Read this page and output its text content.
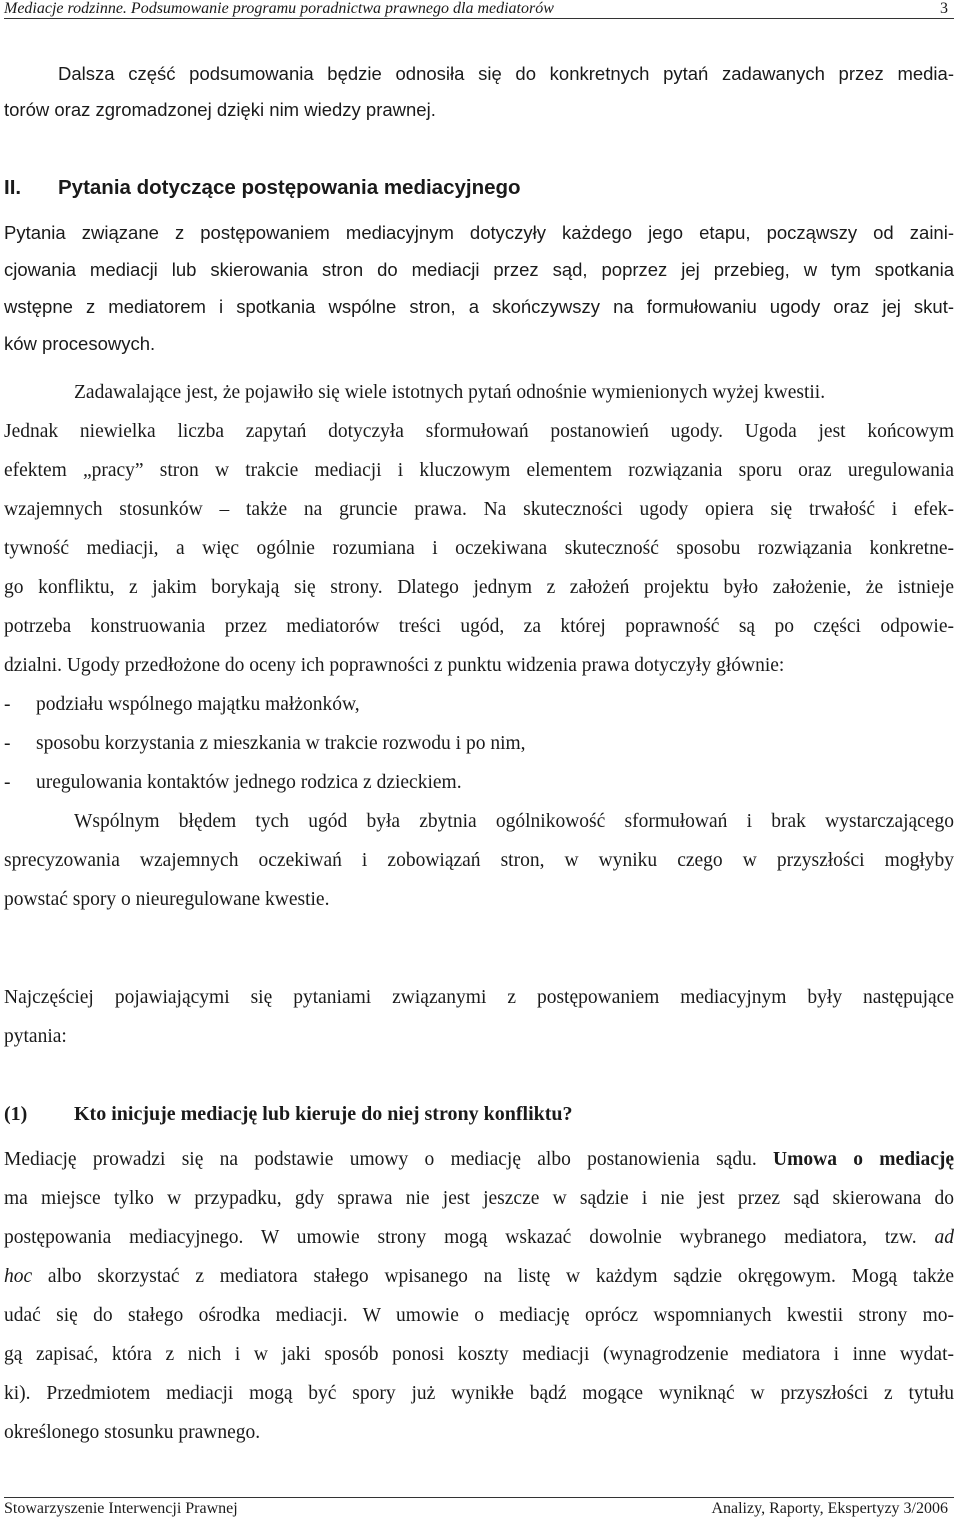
Mediacje rodzinne. Podsumowanie programu poradnictwa prawnego dla mediatorów	3
Dalsza część podsumowania będzie odnosiła się do konkretnych pytań zadawanych przez media-
torów oraz zgromadzonej dzięki nim wiedzy prawnej.
II. Pytania dotyczące postępowania mediacyjnego
Pytania związane z postępowaniem mediacyjnym dotyczyły każdego jego etapu, począwszy od zaini-
cjowania mediacji lub skierowania stron do mediacji przez sąd, poprzez jej przebieg, w tym spotkania
wstępne z mediatorem i spotkania wspólne stron, a skończywszy na formułowaniu ugody oraz jej skut-
ków procesowych.
Zadawalające jest, że pojawiło się wiele istotnych pytań odnośnie wymienionych wyżej kwestii.
Jednak niewielka liczba zapytań dotyczyła sformułowań postanowień ugody. Ugoda jest końcowym
efektem „pracy” stron w trakcie mediacji i kluczowym elementem rozwiązania sporu oraz uregulowania
wzajemnych stosunków – także na gruncie prawa. Na skuteczności ugody opiera się trwałość i efek-
tywność mediacji, a więc ogólnie rozumiana i oczekiwana skuteczność sposobu rozwiązania konkretne-
go konfliktu, z jakim borykają się strony. Dlatego jednym z założeń projektu było założenie, że istnieje
potrzeba konstruowania przez mediatorów treści ugód, za której poprawność są po części odpowie-
dzialni. Ugody przedłożone do oceny ich poprawności z punktu widzenia prawa dotyczyły głównie:
- podziału wspólnego majątku małżonków,
- sposobu korzystania z mieszkania w trakcie rozwodu i po nim,
- uregulowania kontaktów jednego rodzica z dzieckiem.
Wspólnym błędem tych ugód była zbytnia ogólnikowość sformułowań i brak wystarczającego
sprecyzowania wzajemnych oczekiwań i zobowiązań stron, w wyniku czego w przyszłości mogłyby
powstać spory o nieuregulowane kwestie.
Najczęściej pojawiającymi się pytaniami związanymi z postępowaniem mediacyjnym były następujące
pytania:
(1) Kto inicjuje mediację lub kieruje do niej strony konfliktu?
Mediację prowadzi się na podstawie umowy o mediację albo postanowienia sądu. Umowa o mediację
ma miejsce tylko w przypadku, gdy sprawa nie jest jeszcze w sądzie i nie jest przez sąd skierowana do
postępowania mediacyjnego. W umowie strony mogą wskazać dowolnie wybranego mediatora, tzw. ad
hoc albo skorzystać z mediatora stałego wpisanego na listę w każdym sądzie okręgowym. Mogą także
udać się do stałego ośrodka mediacji. W umowie o mediację oprócz wspomnianych kwestii strony mo-
gą zapisać, która z nich i w jaki sposób ponosi koszty mediacji (wynagrodzenie mediatora i inne wydat-
ki). Przedmiotem mediacji mogą być spory już wynikłe bądź mogące wyniknąć w przyszłości z tytułu
określonego stosunku prawnego.
Stowarzyszenie Interwencji Prawnej	Analizy, Raporty, Ekspertyzy 3/2006
